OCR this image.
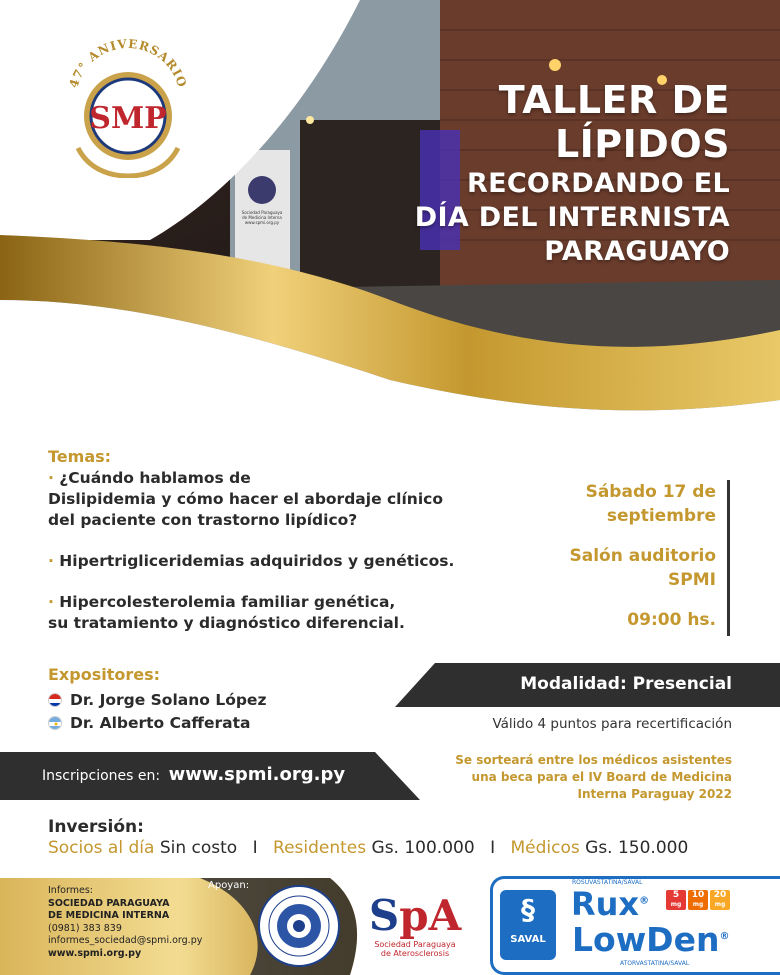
47° ANIVERSARIO
SMP	TALLER DE
LÍPIDOS
RECORDANDO EL
DÍA DEL INTERNISTA
PARAGUAYO
Temas:
· ¿Cuándo hablamos de
Dislipidemia y cómo hacer el abordaje clínico
del paciente con trastorno lipídico?
· Hipertrigliceridemias adquiridos y genéticos.
· Hipercolesterolemia familiar genética,
su tratamiento y diagnóstico diferencial.
Sábado 17 de
septiembre
Salón auditorio
SPMI
09:00 hs.
Expositores:
Dr. Jorge Solano López
Dr. Alberto Cafferata
Modalidad: Presencial
Válido 4 puntos para recertificación
Inscripciones en: www.spmi.org.py
Se sorteará entre los médicos asistentes
una beca para el IV Board de Medicina
Interna Paraguay 2022
Inversión:
Socios al día Sin costo I Residentes Gs. 100.000 I Médicos Gs. 150.000
Informes:
SOCIEDAD PARAGUAYA
DE MEDICINA INTERNA
(0981) 383 839
informes_sociedad@spmi.org.py
www.spmi.org.py
Apoyan:
SpA
Sociedad Paraguaya
de Aterosclerosis
§
SAVAL
ROSUVASTATINA/SAVAL
Rux®
5
mg
10
mg
20
mg
LowDen®
ATORVASTATINA/SAVAL
Sociedad Paraguaya
de Medicina Interna
www.spmi.org.py
